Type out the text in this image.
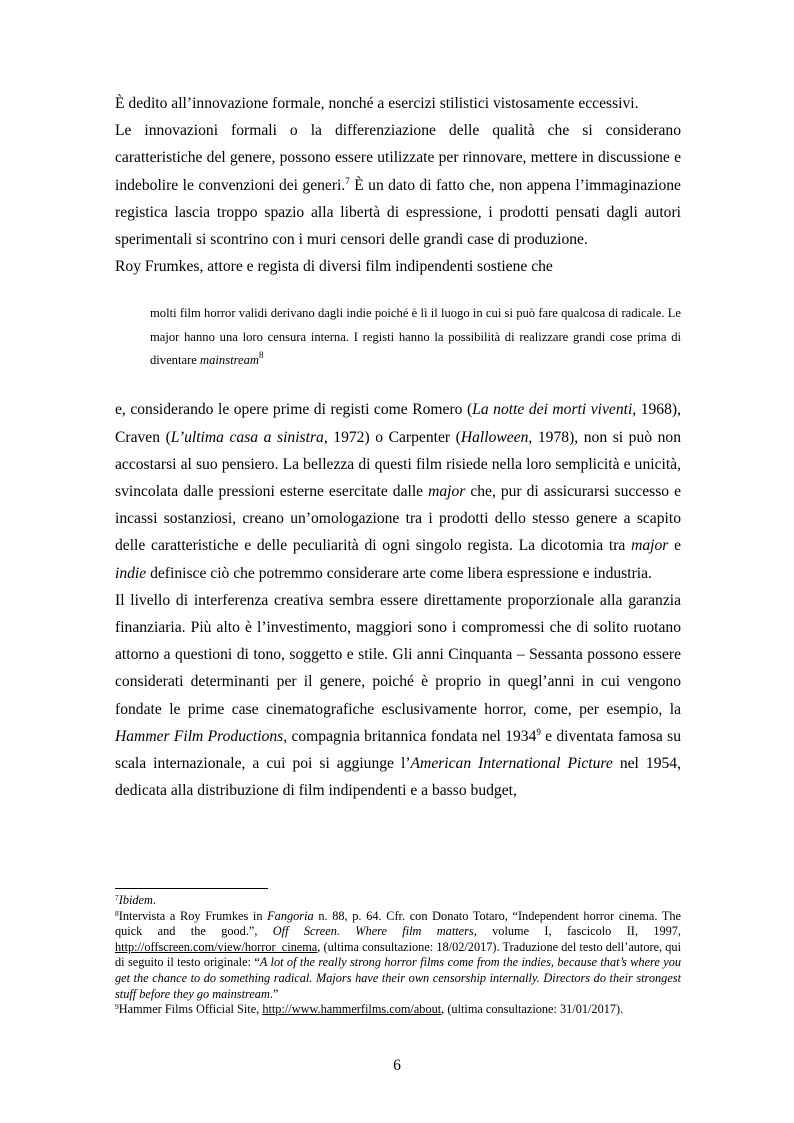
È dedito all’innovazione formale, nonché a esercizi stilistici vistosamente eccessivi.

Le innovazioni formali o la differenziazione delle qualità che si considerano caratteristiche del genere, possono essere utilizzate per rinnovare, mettere in discussione e indebolire le convenzioni dei generi.$^7$ È un dato di fatto che, non appena l’immaginazione registica lascia troppo spazio alla libertà di espressione, i prodotti pensati dagli autori sperimentali si scontrino con i muri censori delle grandi case di produzione.

Roy Frumkes, attore e regista di diversi film indipendenti sostiene che

molti film horror validi derivano dagli indie poiché è lì il luogo in cui si può fare qualcosa di radicale. Le major hanno una loro censura interna. I registi hanno la possibilità di realizzare grandi cose prima di diventare mainstream$^8$

e, considerando le opere prime di registi come Romero (La notte dei morti viventi, 1968), Craven (L’ultima casa a sinistra, 1972) o Carpenter (Halloween, 1978), non si può non accostarsi al suo pensiero. La bellezza di questi film risiede nella loro semplicità e unicità, svincolata dalle pressioni esterne esercitate dalle major che, pur di assicurarsi successo e incassi sostanziosi, creano un’omologazione tra i prodotti dello stesso genere a scapito delle caratteristiche e delle peculiarità di ogni singolo regista. La dicotomia tra major e indie definisce ciò che potremmo considerare arte come libera espressione e industria.

Il livello di interferenza creativa sembra essere direttamente proporzionale alla garanzia finanziaria. Più alto è l’investimento, maggiori sono i compromessi che di solito ruotano attorno a questioni di tono, soggetto e stile. Gli anni Cinquanta – Sessanta possono essere considerati determinanti per il genere, poiché è proprio in quegl’anni in cui vengono fondate le prime case cinematografiche esclusivamente horror, come, per esempio, la Hammer Film Productions, compagnia britannica fondata nel 1934$^9$ e diventata famosa su scala internazionale, a cui poi si aggiunge l’American International Picture nel 1954, dedicata alla distribuzione di film indipendenti e a basso budget,

$^7$Ibidem.

$^8$Intervista a Roy Frumkes in Fangoria n. 88, p. 64. Cfr. con Donato Totaro, “Independent horror cinema. The quick and the good.”, Off Screen. Where film matters, volume I, fascicolo II, 1997, http://offscreen.com/view/horror_cinema, (ultima consultazione: 18/02/2017). Traduzione del testo dell’autore, qui di seguito il testo originale: “A lot of the really strong horror films come from the indies, because that’s where you get the chance to do something radical. Majors have their own censorship internally. Directors do their strongest stuff before they go mainstream.”

$^9$Hammer Films Official Site, http://www.hammerfilms.com/about, (ultima consultazione: 31/01/2017).

6
